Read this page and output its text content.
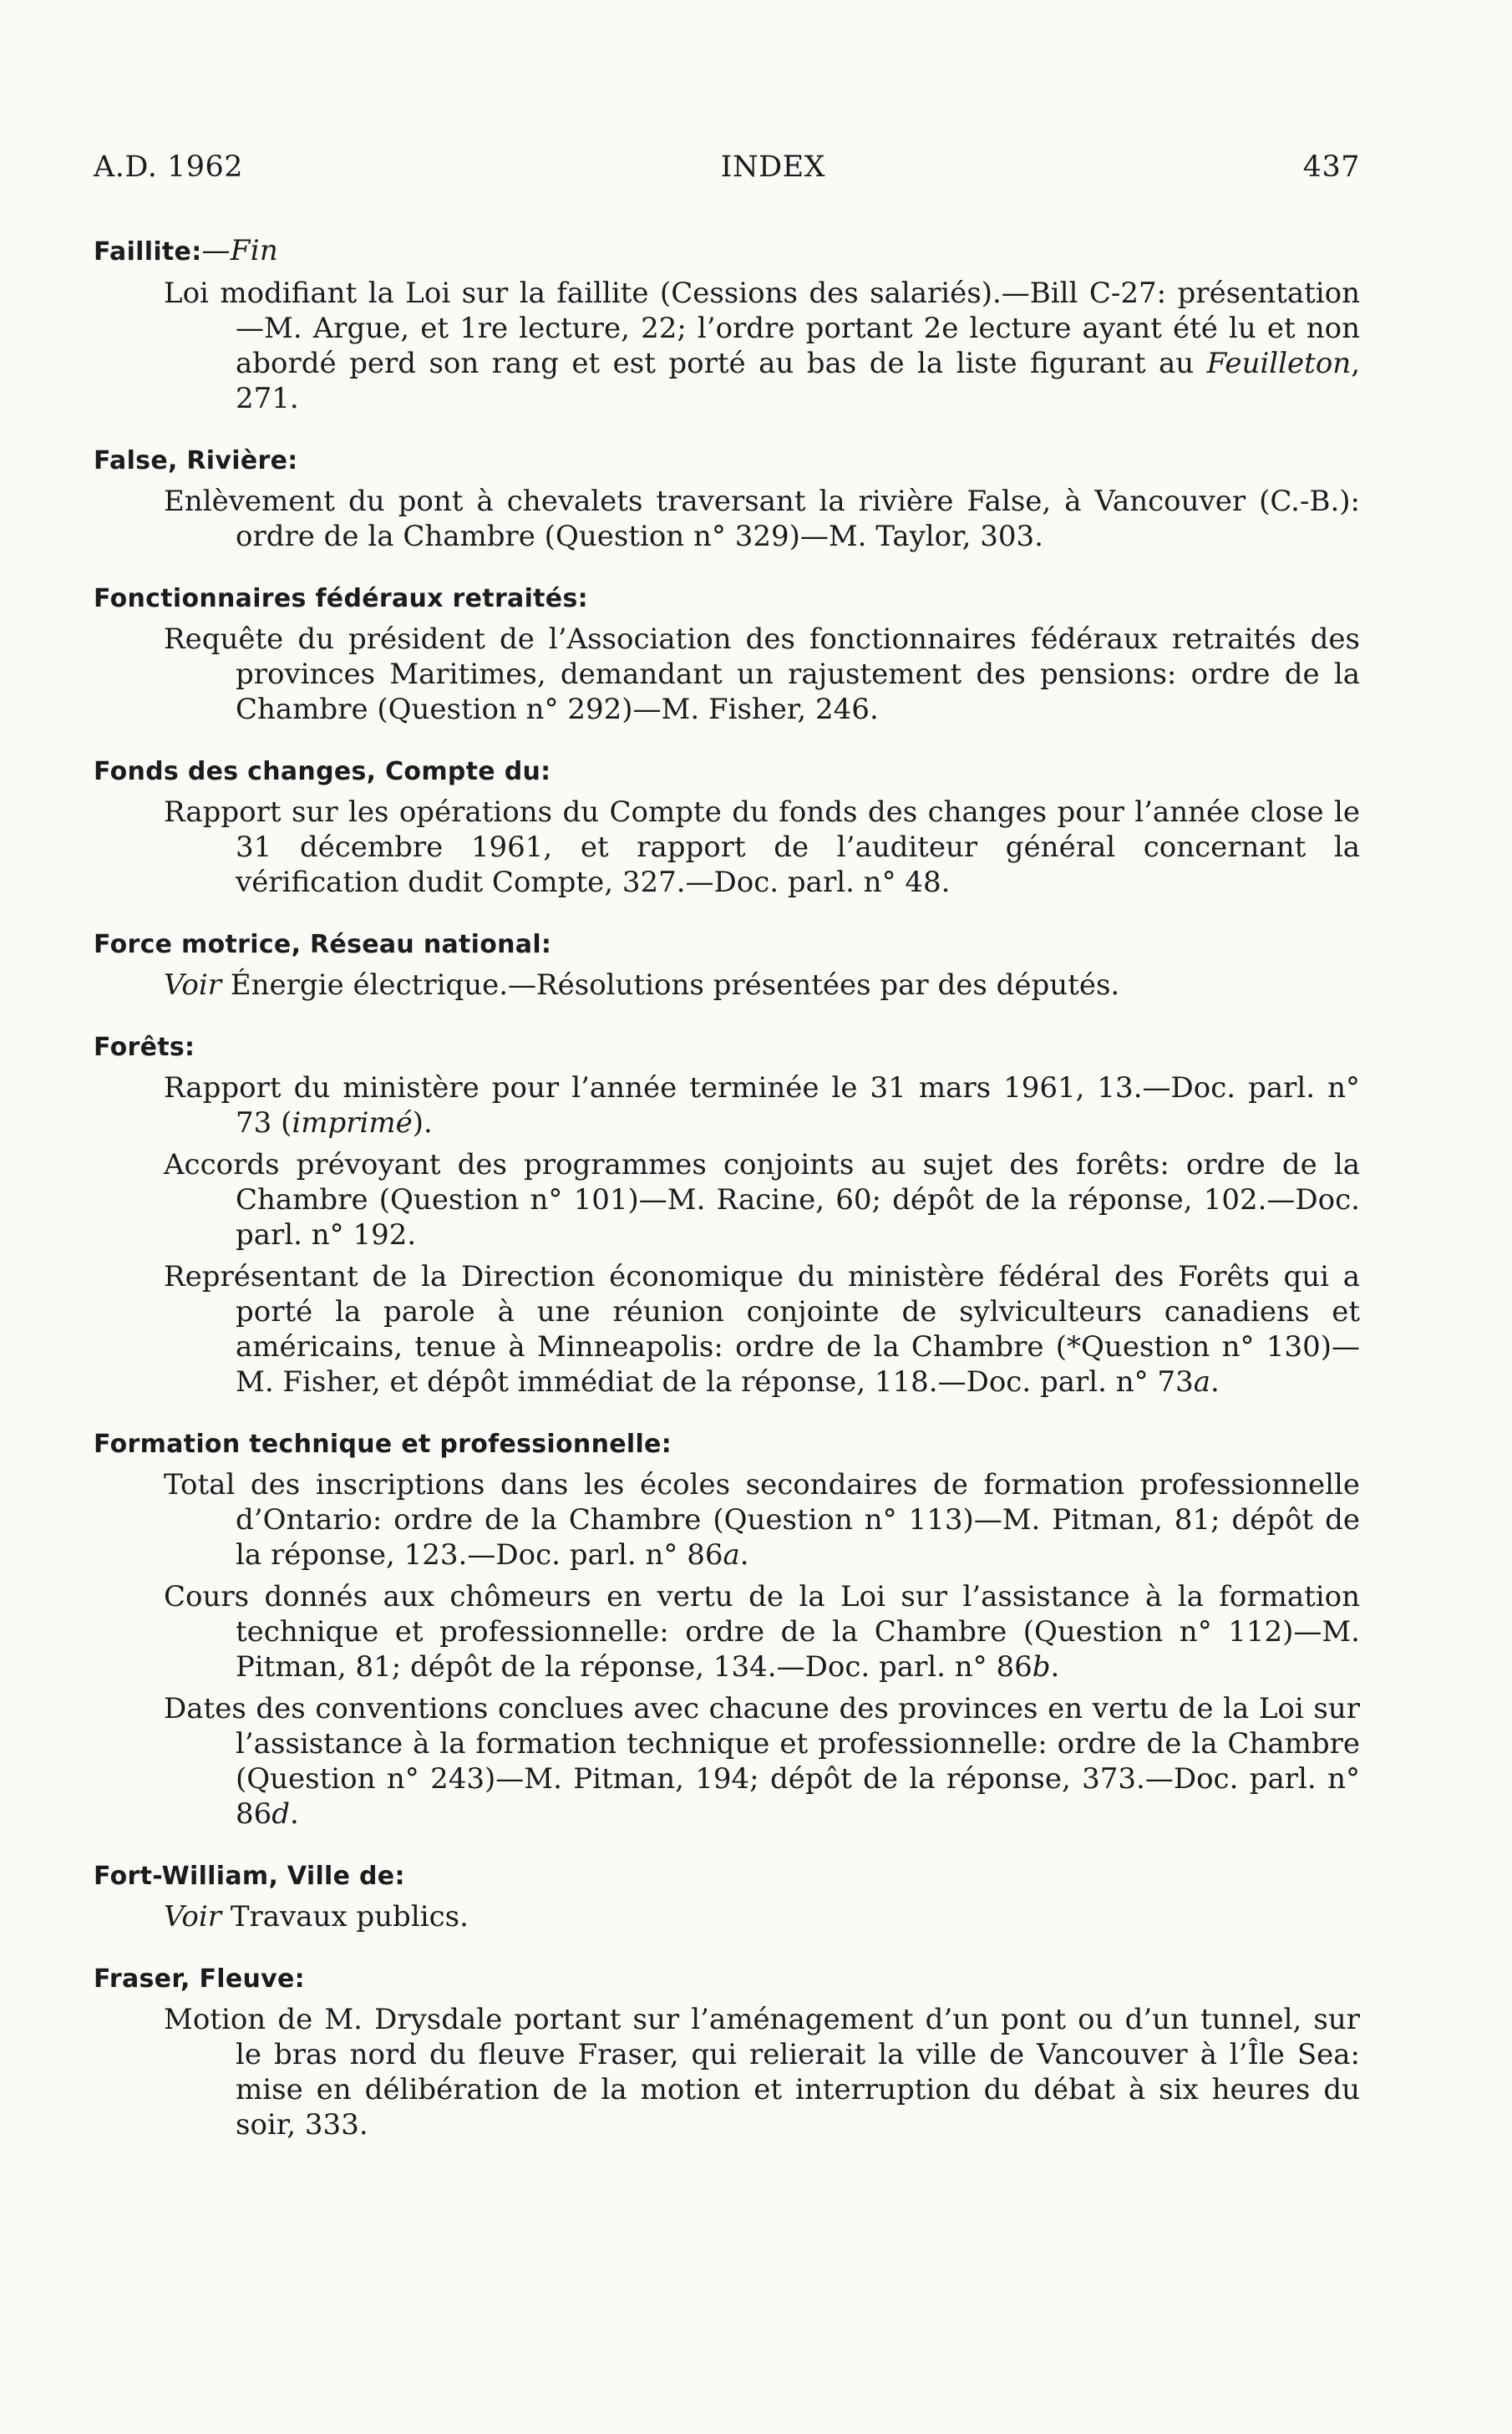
A.D. 1962	INDEX	437
Faillite:—Fin
Loi modifiant la Loi sur la faillite (Cessions des salariés).—Bill C-27: présentation—M. Argue, et 1re lecture, 22; l’ordre portant 2e lecture ayant été lu et non abordé perd son rang et est porté au bas de la liste figurant au Feuilleton, 271.
False, Rivière:
Enlèvement du pont à chevalets traversant la rivière False, à Vancouver (C.-B.): ordre de la Chambre (Question n° 329)—M. Taylor, 303.
Fonctionnaires fédéraux retraités:
Requête du président de l’Association des fonctionnaires fédéraux retraités des provinces Maritimes, demandant un rajustement des pensions: ordre de la Chambre (Question n° 292)—M. Fisher, 246.
Fonds des changes, Compte du:
Rapport sur les opérations du Compte du fonds des changes pour l’année close le 31 décembre 1961, et rapport de l’auditeur général concernant la vérification dudit Compte, 327.—Doc. parl. n° 48.
Force motrice, Réseau national:
Voir Énergie électrique.—Résolutions présentées par des députés.
Forêts:
Rapport du ministère pour l’année terminée le 31 mars 1961, 13.—Doc. parl. n° 73 (imprimé).
Accords prévoyant des programmes conjoints au sujet des forêts: ordre de la Chambre (Question n° 101)—M. Racine, 60; dépôt de la réponse, 102.—Doc. parl. n° 192.
Représentant de la Direction économique du ministère fédéral des Forêts qui a porté la parole à une réunion conjointe de sylviculteurs canadiens et américains, tenue à Minneapolis: ordre de la Chambre (*Question n° 130)—M. Fisher, et dépôt immédiat de la réponse, 118.—Doc. parl. n° 73a.
Formation technique et professionnelle:
Total des inscriptions dans les écoles secondaires de formation professionnelle d’Ontario: ordre de la Chambre (Question n° 113)—M. Pitman, 81; dépôt de la réponse, 123.—Doc. parl. n° 86a.
Cours donnés aux chômeurs en vertu de la Loi sur l’assistance à la formation technique et professionnelle: ordre de la Chambre (Question n° 112)—M. Pitman, 81; dépôt de la réponse, 134.—Doc. parl. n° 86b.
Dates des conventions conclues avec chacune des provinces en vertu de la Loi sur l’assistance à la formation technique et professionnelle: ordre de la Chambre (Question n° 243)—M. Pitman, 194; dépôt de la réponse, 373.—Doc. parl. n° 86d.
Fort-William, Ville de:
Voir Travaux publics.
Fraser, Fleuve:
Motion de M. Drysdale portant sur l’aménagement d’un pont ou d’un tunnel, sur le bras nord du fleuve Fraser, qui relierait la ville de Vancouver à l’Île Sea: mise en délibération de la motion et interruption du débat à six heures du soir, 333.
